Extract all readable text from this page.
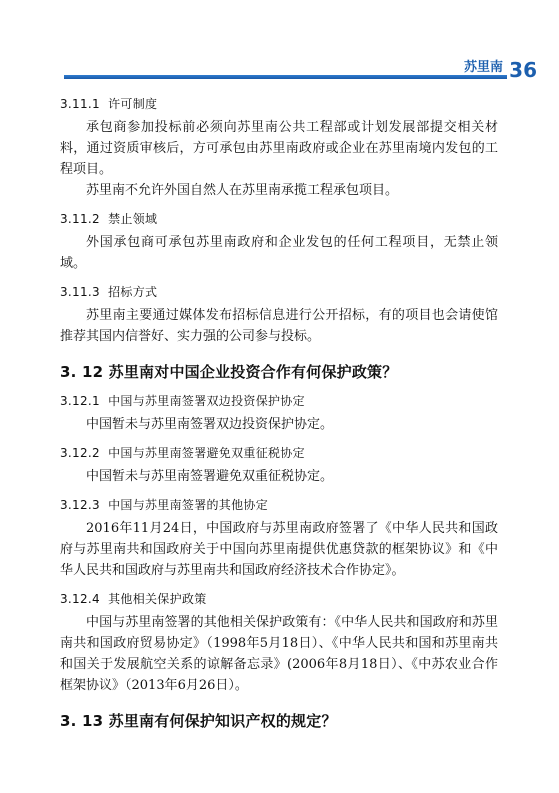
苏里南 36
3.11.1 许可制度

承包商参加投标前必须向苏里南公共工程部或计划发展部提交相关材料，通过资质审核后，方可承包由苏里南政府或企业在苏里南境内发包的工程项目。

苏里南不允许外国自然人在苏里南承揽工程承包项目。

3.11.2 禁止领域

外国承包商可承包苏里南政府和企业发包的任何工程项目，无禁止领域。

3.11.3 招标方式

苏里南主要通过媒体发布招标信息进行公开招标，有的项目也会请使馆推荐其国内信誉好、实力强的公司参与投标。

3. 12 苏里南对中国企业投资合作有何保护政策？
3.12.1 中国与苏里南签署双边投资保护协定

中国暂未与苏里南签署双边投资保护协定。

3.12.2 中国与苏里南签署避免双重征税协定

中国暂未与苏里南签署避免双重征税协定。

3.12.3 中国与苏里南签署的其他协定

2016年11月24日，中国政府与苏里南政府签署了《中华人民共和国政府与苏里南共和国政府关于中国向苏里南提供优惠贷款的框架协议》和《中华人民共和国政府与苏里南共和国政府经济技术合作协定》。

3.12.4 其他相关保护政策

中国与苏里南签署的其他相关保护政策有：《中华人民共和国政府和苏里南共和国政府贸易协定》（1998年5月18日）、《中华人民共和国和苏里南共和国关于发展航空关系的谅解备忘录》(2006年8月18日）、《中苏农业合作框架协议》（2013年6月26日）。

3. 13 苏里南有何保护知识产权的规定？
